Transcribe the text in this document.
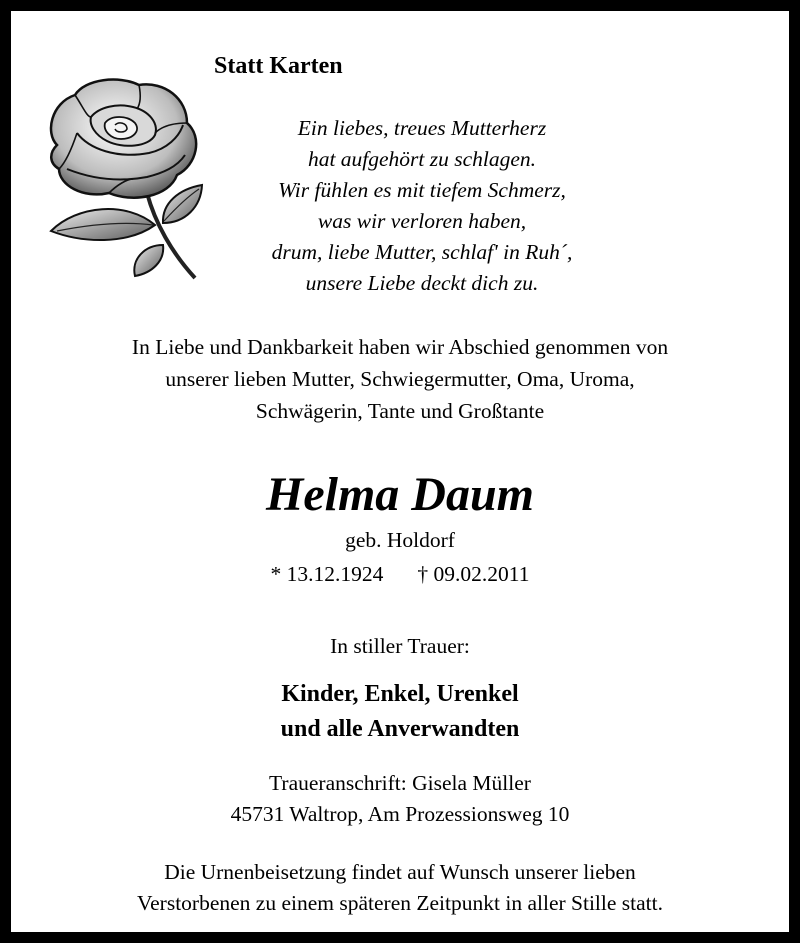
Statt Karten
Ein liebes, treues Mutterherz
hat aufgehört zu schlagen.
Wir fühlen es mit tiefem Schmerz,
was wir verloren haben,
drum, liebe Mutter, schlaf' in Ruh´,
unsere Liebe deckt dich zu.
In Liebe und Dankbarkeit haben wir Abschied genommen von
unserer lieben Mutter, Schwiegermutter, Oma, Uroma,
Schwägerin, Tante und Großtante
Helma Daum
geb. Holdorf
* 13.12.1924 † 09.02.2011
In stiller Trauer:
Kinder, Enkel, Urenkel
und alle Anverwandten
Traueranschrift: Gisela Müller
45731 Waltrop, Am Prozessionsweg 10
Die Urnenbeisetzung findet auf Wunsch unserer lieben
Verstorbenen zu einem späteren Zeitpunkt in aller Stille statt.
